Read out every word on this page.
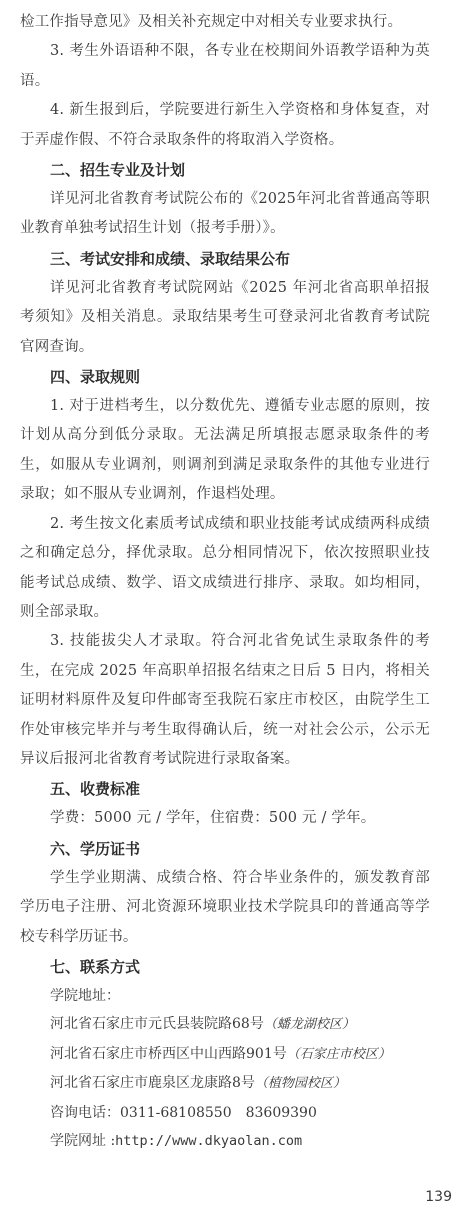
检工作指导意见》及相关补充规定中对相关专业要求执行。

3. 考生外语语种不限，各专业在校期间外语教学语种为英语。

4. 新生报到后，学院要进行新生入学资格和身体复查，对于弄虚作假、不符合录取条件的将取消入学资格。

二、招生专业及计划

详见河北省教育考试院公布的《2025年河北省普通高等职业教育单独考试招生计划（报考手册）》。

三、考试安排和成绩、录取结果公布

详见河北省教育考试院网站《2025 年河北省高职单招报考须知》及相关消息。录取结果考生可登录河北省教育考试院官网查询。

四、录取规则

1. 对于进档考生，以分数优先、遵循专业志愿的原则，按计划从高分到低分录取。无法满足所填报志愿录取条件的考生，如服从专业调剂，则调剂到满足录取条件的其他专业进行录取；如不服从专业调剂，作退档处理。

2. 考生按文化素质考试成绩和职业技能考试成绩两科成绩之和确定总分，择优录取。总分相同情况下，依次按照职业技能考试总成绩、数学、语文成绩进行排序、录取。如均相同，则全部录取。

3. 技能拔尖人才录取。符合河北省免试生录取条件的考生，在完成 2025 年高职单招报名结束之日后 5 日内，将相关证明材料原件及复印件邮寄至我院石家庄市校区，由院学生工作处审核完毕并与考生取得确认后，统一对社会公示，公示无异议后报河北省教育考试院进行录取备案。

五、收费标准

学费：5000 元 / 学年，住宿费：500 元 / 学年。

六、学历证书

学生学业期满、成绩合格、符合毕业条件的，颁发教育部学历电子注册、河北资源环境职业技术学院具印的普通高等学校专科学历证书。

七、联系方式

学院地址：

河北省石家庄市元氏县装院路68号（蟠龙湖校区）

河北省石家庄市桥西区中山西路901号（石家庄市校区）

河北省石家庄市鹿泉区龙康路8号（植物园校区）

咨询电话：0311-68108550　83609390

学院网址 :http://www.dkyaolan.com

139
